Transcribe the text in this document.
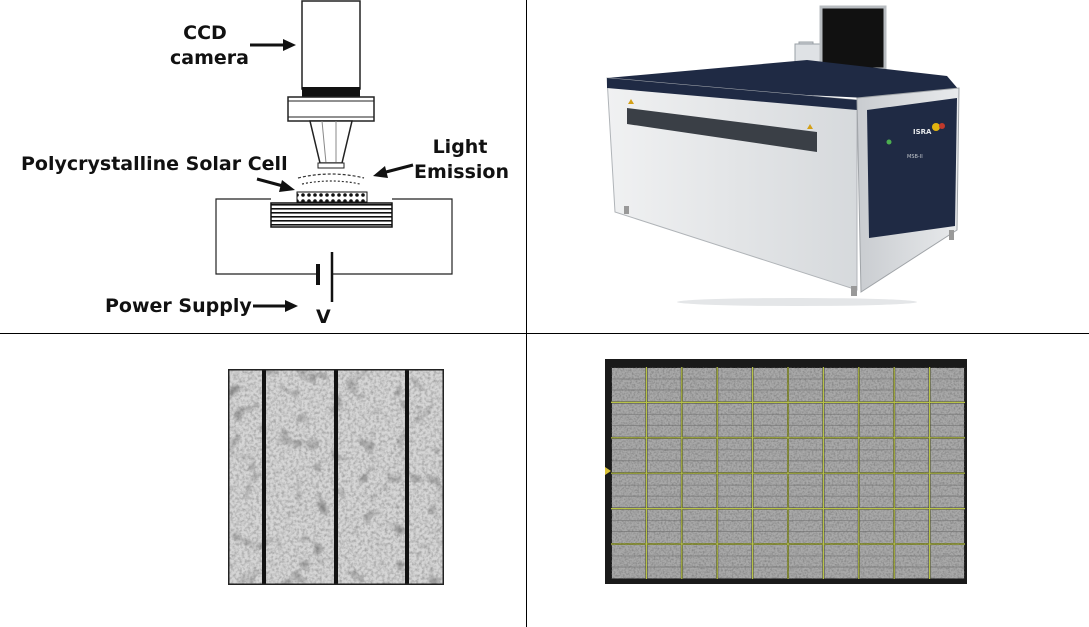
CCD
camera
Polycrystalline Solar Cell
Light
Emission
Power Supply	V
ISRA
MSB-II
